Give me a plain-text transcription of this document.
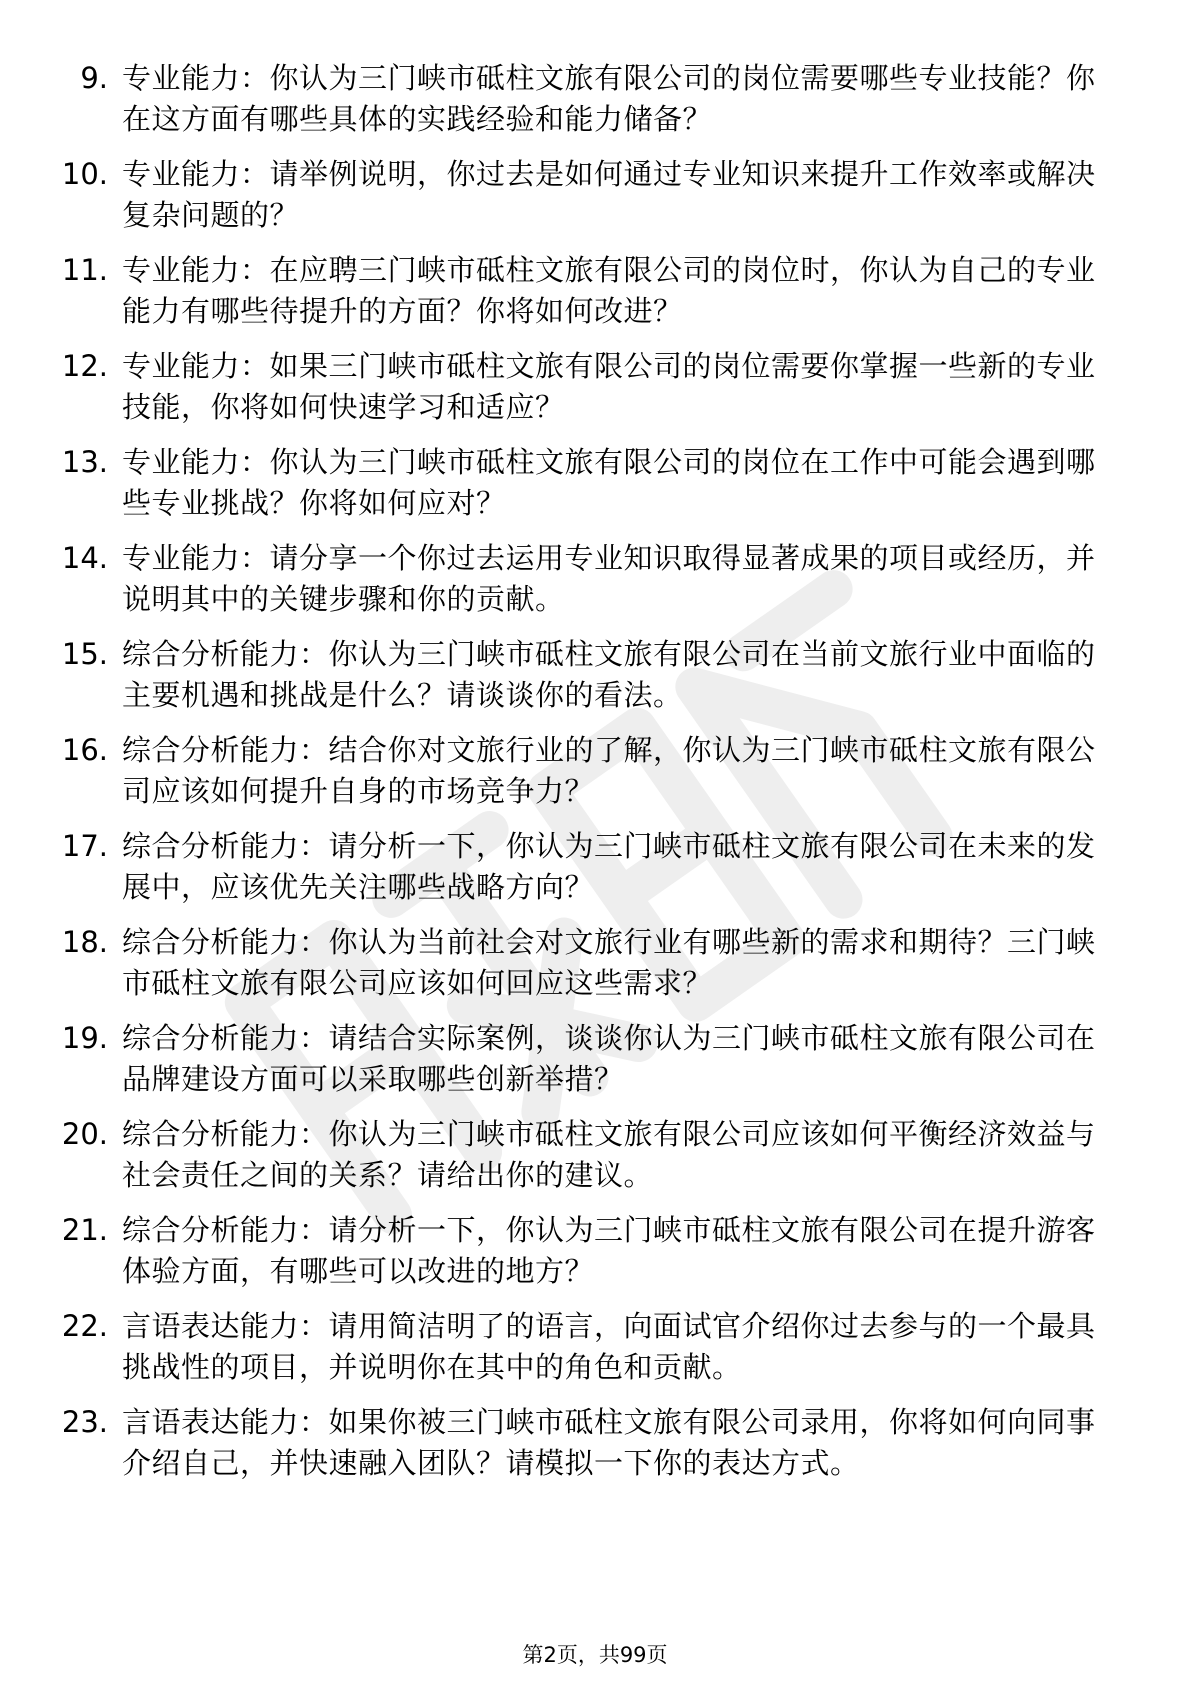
9. 专业能力：你认为三门峡市砥柱文旅有限公司的岗位需要哪些专业技能？你在这方面有哪些具体的实践经验和能力储备？
10. 专业能力：请举例说明，你过去是如何通过专业知识来提升工作效率或解决复杂问题的？
11. 专业能力：在应聘三门峡市砥柱文旅有限公司的岗位时，你认为自己的专业能力有哪些待提升的方面？你将如何改进？
12. 专业能力：如果三门峡市砥柱文旅有限公司的岗位需要你掌握一些新的专业技能，你将如何快速学习和适应？
13. 专业能力：你认为三门峡市砥柱文旅有限公司的岗位在工作中可能会遇到哪些专业挑战？你将如何应对？
14. 专业能力：请分享一个你过去运用专业知识取得显著成果的项目或经历，并说明其中的关键步骤和你的贡献。
15. 综合分析能力：你认为三门峡市砥柱文旅有限公司在当前文旅行业中面临的主要机遇和挑战是什么？请谈谈你的看法。
16. 综合分析能力：结合你对文旅行业的了解，你认为三门峡市砥柱文旅有限公司应该如何提升自身的市场竞争力？
17. 综合分析能力：请分析一下，你认为三门峡市砥柱文旅有限公司在未来的发展中，应该优先关注哪些战略方向？
18. 综合分析能力：你认为当前社会对文旅行业有哪些新的需求和期待？三门峡市砥柱文旅有限公司应该如何回应这些需求？
19. 综合分析能力：请结合实际案例，谈谈你认为三门峡市砥柱文旅有限公司在品牌建设方面可以采取哪些创新举措？
20. 综合分析能力：你认为三门峡市砥柱文旅有限公司应该如何平衡经济效益与社会责任之间的关系？请给出你的建议。
21. 综合分析能力：请分析一下，你认为三门峡市砥柱文旅有限公司在提升游客体验方面，有哪些可以改进的地方？
22. 言语表达能力：请用简洁明了的语言，向面试官介绍你过去参与的一个最具挑战性的项目，并说明你在其中的角色和贡献。
23. 言语表达能力：如果你被三门峡市砥柱文旅有限公司录用，你将如何向同事介绍自己，并快速融入团队？请模拟一下你的表达方式。
第2页，共99页
